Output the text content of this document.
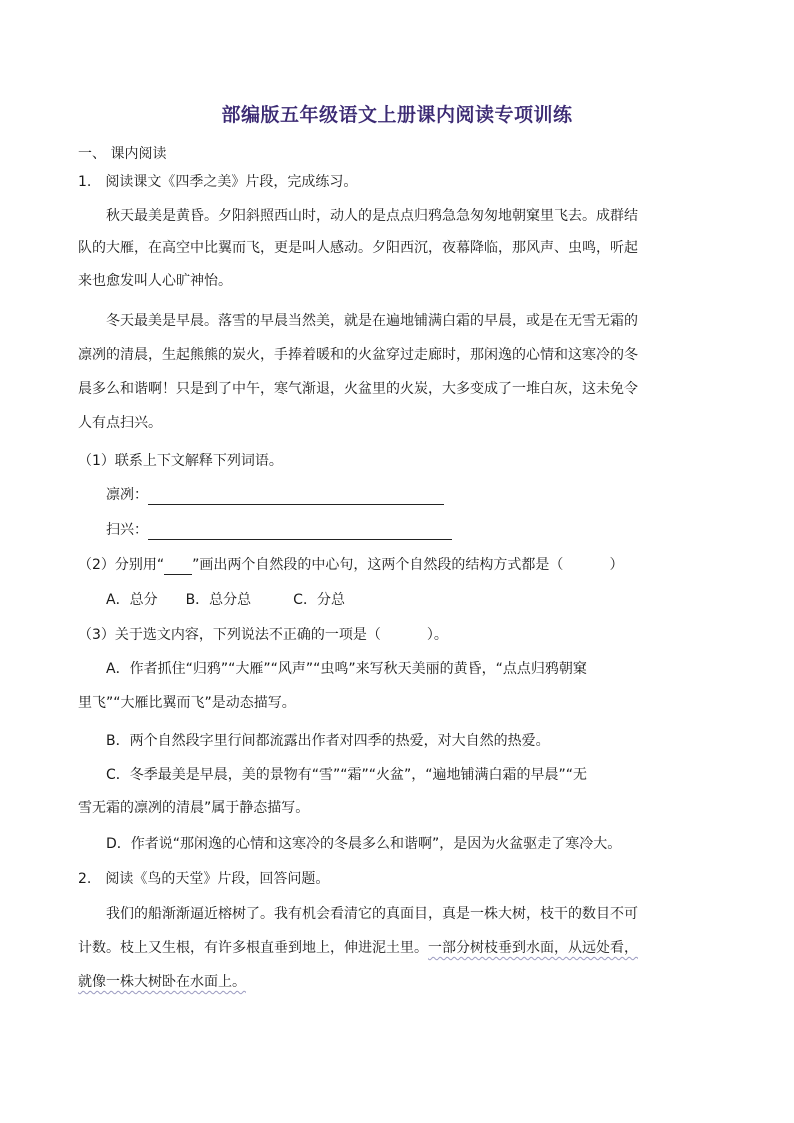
部编版五年级语文上册课内阅读专项训练
一、 课内阅读
1.　阅读课文《四季之美》片段，完成练习。
秋天最美是黄昏。夕阳斜照西山时，动人的是点点归鸦急急匆匆地朝窠里飞去。成群结
队的大雁，在高空中比翼而飞，更是叫人感动。夕阳西沉，夜幕降临，那风声、虫鸣，听起
来也愈发叫人心旷神怡。
冬天最美是早晨。落雪的早晨当然美，就是在遍地铺满白霜的早晨，或是在无雪无霜的
凛冽的清晨，生起熊熊的炭火，手捧着暖和的火盆穿过走廊时，那闲逸的心情和这寒冷的冬
晨多么和谐啊！只是到了中午，寒气渐退，火盆里的火炭，大多变成了一堆白灰，这未免令
人有点扫兴。
（1）联系上下文解释下列词语。
凛冽：
扫兴：
（2）分别用“ ”画出两个自然段的中心句，这两个自然段的结构方式都是（	）
A．总分　　B．总分总　　　C．分总
（3）关于选文内容，下列说法不正确的一项是（	）。
A．作者抓住“归鸦”“大雁”“风声”“虫鸣”来写秋天美丽的黄昏，“点点归鸦朝窠
里飞”“大雁比翼而飞”是动态描写。
B．两个自然段字里行间都流露出作者对四季的热爱，对大自然的热爱。
C．冬季最美是早晨，美的景物有“雪”“霜”“火盆”，“遍地铺满白霜的早晨”“无
雪无霜的凛冽的清晨”属于静态描写。
D．作者说“那闲逸的心情和这寒冷的冬晨多么和谐啊”，是因为火盆驱走了寒冷大。
2.　阅读《鸟的天堂》片段，回答问题。
我们的船渐渐逼近榕树了。我有机会看清它的真面目，真是一株大树，枝干的数目不可
计数。枝上又生根，有许多根直垂到地上，伸进泥土里。一部分树枝垂到水面，从远处看，
就像一株大树卧在水面上。
